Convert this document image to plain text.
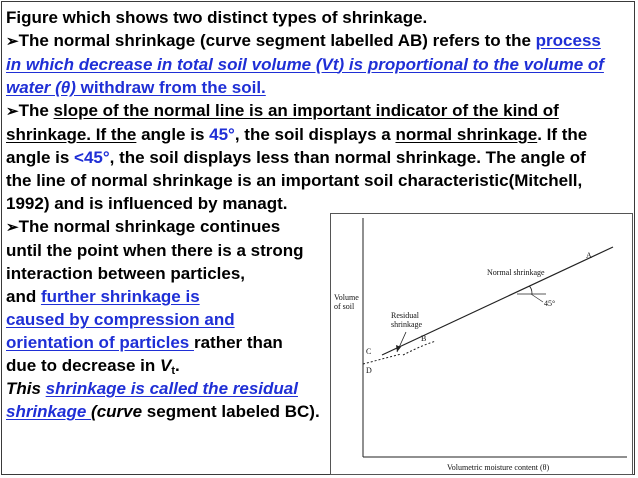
Figure which shows two distinct types of shrinkage.
➢The normal shrinkage (curve segment labelled AB) refers to the process
in which decrease in total soil volume (Vt) is proportional to the volume of
water (θ) withdraw from the soil.
➢The slope of the normal line is an important indicator of the kind of
shrinkage. If the angle is 45°, the soil displays a normal shrinkage. If the
angle is <45°, the soil displays less than normal shrinkage. The angle of
the line of normal shrinkage is an important soil characteristic(Mitchell,
1992) and is influenced by managt.
➢The normal shrinkage continues
until the point when there is a strong
interaction between particles,
and further shrinkage is
caused by compression and
orientation of particles rather than
due to decrease in $V_t$.
This shrinkage is called the residual
shrinkage (curve segment labeled BC).
Volume
of soil
Volumetric moisture content (θ)
Normal shrinkage
45°
Residual
shrinkage
A
B
C
D
